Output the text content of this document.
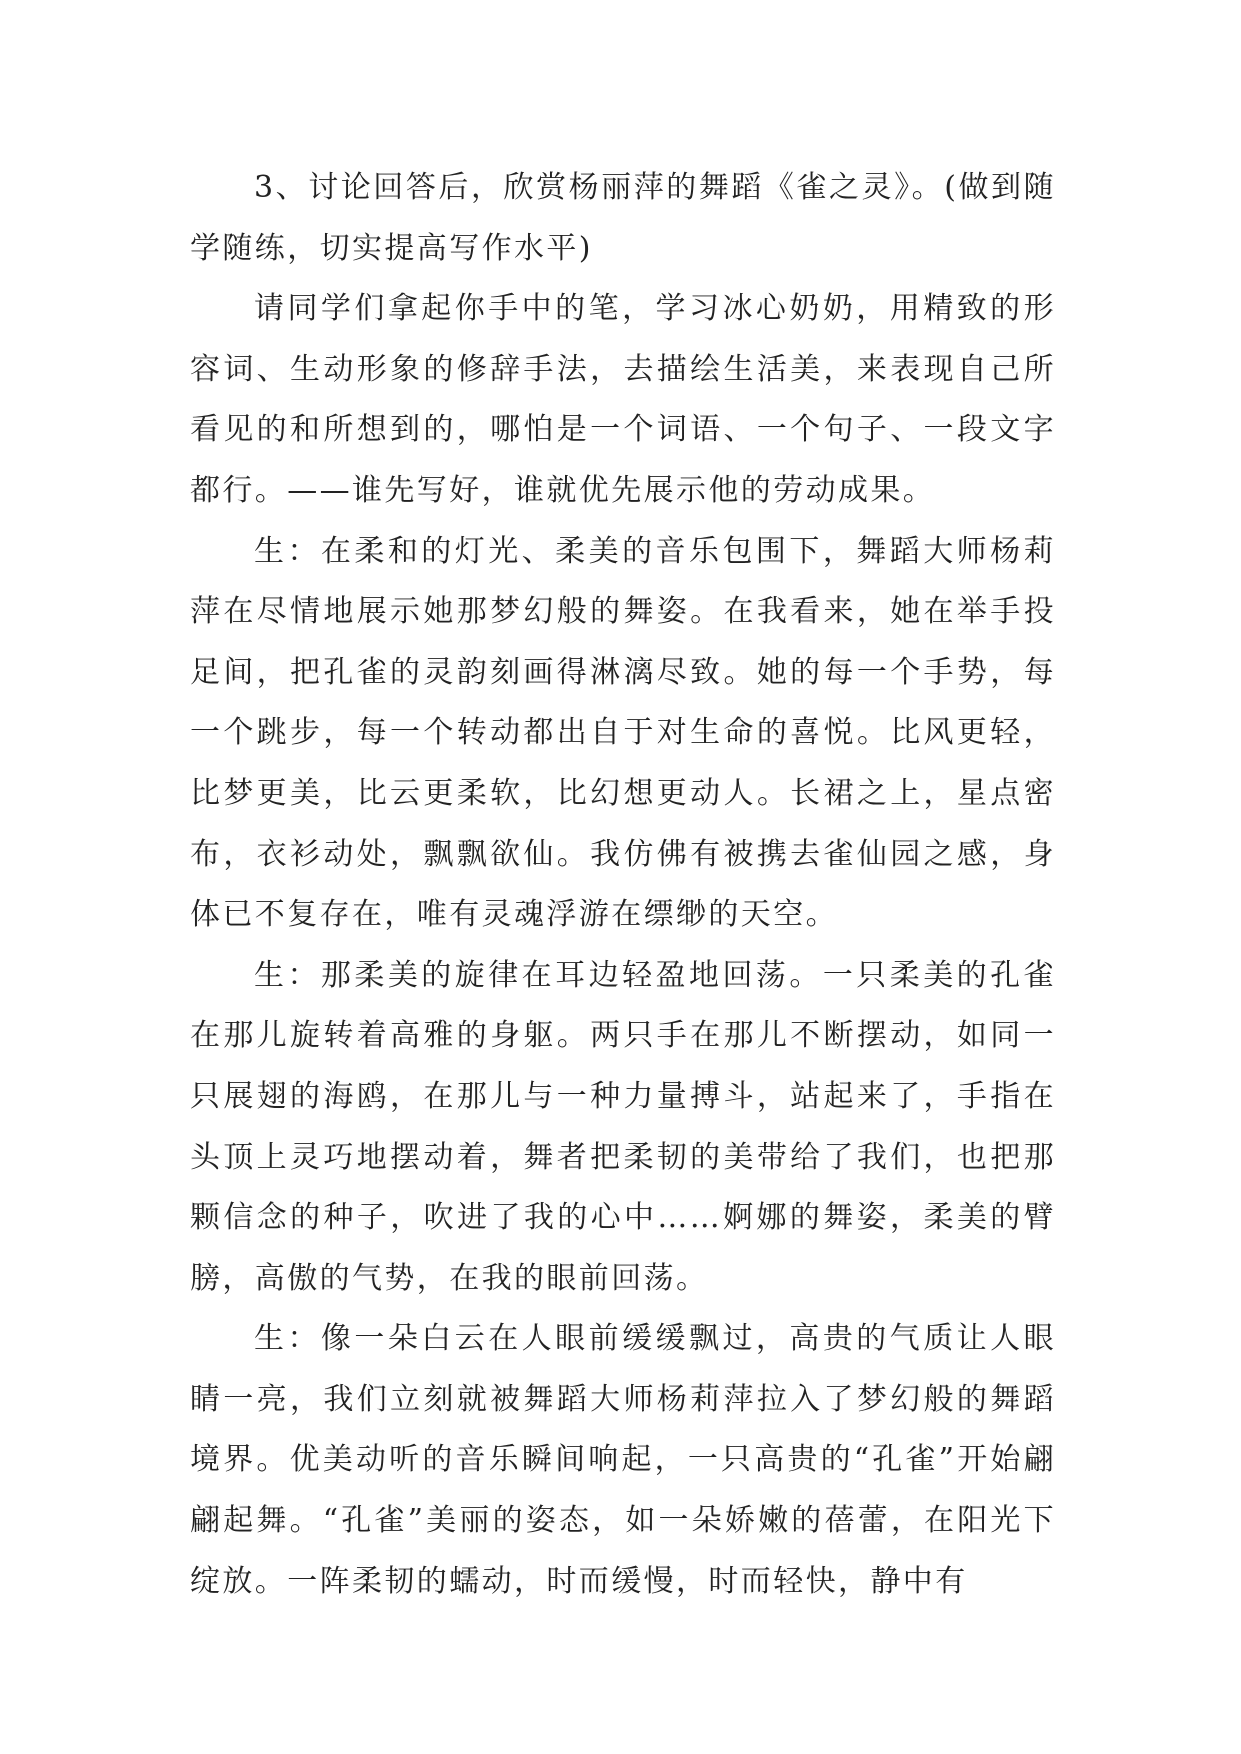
3、讨论回答后，欣赏杨丽萍的舞蹈《雀之灵》。(做到随学随练，切实提高写作水平)

请同学们拿起你手中的笔，学习冰心奶奶，用精致的形容词、生动形象的修辞手法，去描绘生活美，来表现自己所看见的和所想到的，哪怕是一个词语、一个句子、一段文字都行。——谁先写好，谁就优先展示他的劳动成果。

生：在柔和的灯光、柔美的音乐包围下，舞蹈大师杨莉萍在尽情地展示她那梦幻般的舞姿。在我看来，她在举手投足间，把孔雀的灵韵刻画得淋漓尽致。她的每一个手势，每一个跳步，每一个转动都出自于对生命的喜悦。比风更轻，比梦更美，比云更柔软，比幻想更动人。长裙之上，星点密布，衣衫动处，飘飘欲仙。我仿佛有被携去雀仙园之感，身体已不复存在，唯有灵魂浮游在缥缈的天空。

生：那柔美的旋律在耳边轻盈地回荡。一只柔美的孔雀在那儿旋转着高雅的身躯。两只手在那儿不断摆动，如同一只展翅的海鸥，在那儿与一种力量搏斗，站起来了，手指在头顶上灵巧地摆动着，舞者把柔韧的美带给了我们，也把那颗信念的种子，吹进了我的心中……婀娜的舞姿，柔美的臂膀，高傲的气势，在我的眼前回荡。

生：像一朵白云在人眼前缓缓飘过，高贵的气质让人眼睛一亮，我们立刻就被舞蹈大师杨莉萍拉入了梦幻般的舞蹈境界。优美动听的音乐瞬间响起，一只高贵的“孔雀”开始翩翩起舞。“孔雀”美丽的姿态，如一朵娇嫩的蓓蕾，在阳光下绽放。一阵柔韧的蠕动，时而缓慢，时而轻快，静中有
